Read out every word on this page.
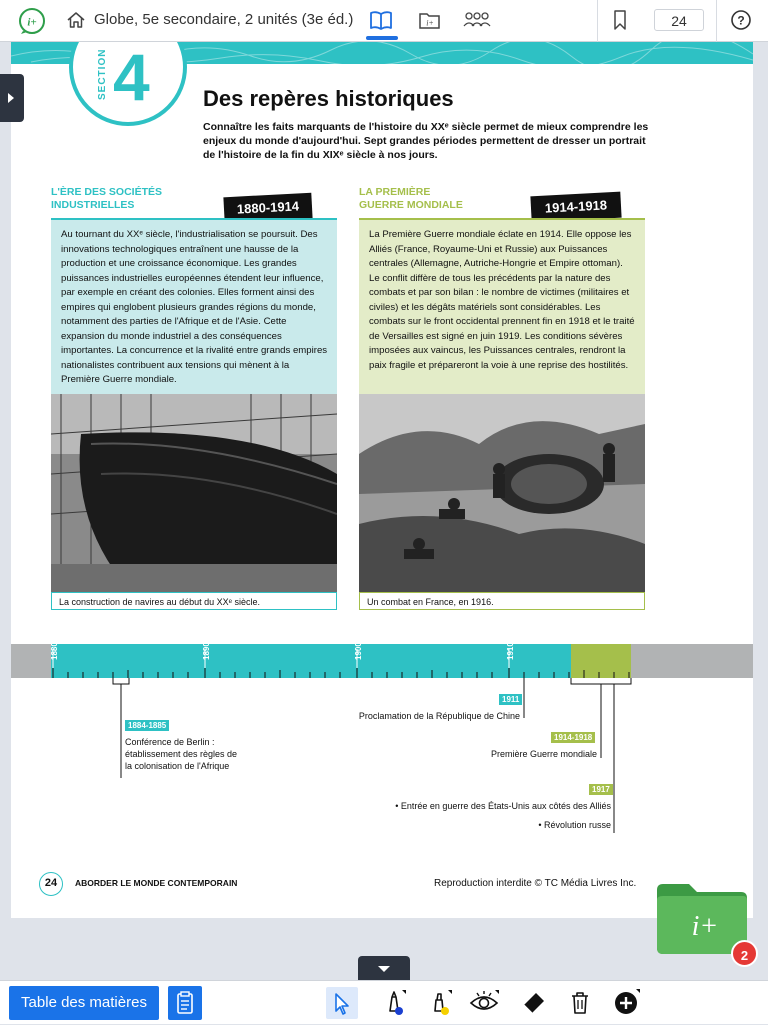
i+	Globe, 5e secondaire, 2 unités (3e éd.)	i+	24	?
SECTION 4 Des repères historiques
Connaître les faits marquants de l'histoire du XXᵉ siècle permet de mieux comprendre les enjeux du monde d'aujourd'hui. Sept grandes périodes permettent de dresser un portrait de l'histoire de la fin du XIXᵉ siècle à nos jours.
L'ÈRE DES SOCIÉTÉS
INDUSTRIELLES	1880-1914
Au tournant du XXᵉ siècle, l'industrialisation se poursuit. Des innovations technologiques entraînent une hausse de la production et une croissance économique. Les grandes puissances industrielles européennes étendent leur influence, par exemple en créant des colonies. Elles forment ainsi des empires qui englobent plusieurs grandes régions du monde, notamment des parties de l'Afrique et de l'Asie. Cette expansion du monde industriel a des conséquences importantes. La concurrence et la rivalité entre grands empires nationalistes contribuent aux tensions qui mènent à la Première Guerre mondiale.
La construction de navires au début du XXᵉ siècle.
LA PREMIÈRE
GUERRE MONDIALE	1914-1918
La Première Guerre mondiale éclate en 1914. Elle oppose les Alliés (France, Royaume-Uni et Russie) aux Puissances centrales (Allemagne, Autriche-Hongrie et Empire ottoman). Le conflit diffère de tous les précédents par la nature des combats et par son bilan : le nombre de victimes (militaires et civiles) et les dégâts matériels sont considérables. Les combats sur le front occidental prennent fin en 1918 et le traité de Versailles est signé en juin 1919. Les conditions sévères imposées aux vaincus, les Puissances centrales, rendront la paix fragile et prépareront la voie à une reprise des hostilités.
Un combat en France, en 1916.
1880	1890	1900	1910
1884-1885
Conférence de Berlin :
établissement des règles de
la colonisation de l'Afrique
1911
Proclamation de la République de Chine
1914-1918
Première Guerre mondiale
1917
• Entrée en guerre des États-Unis aux côtés des Alliés
• Révolution russe
24	ABORDER LE MONDE CONTEMPORAIN	Reproduction interdite © TC Média Livres Inc.
i+
2
Table des matières
